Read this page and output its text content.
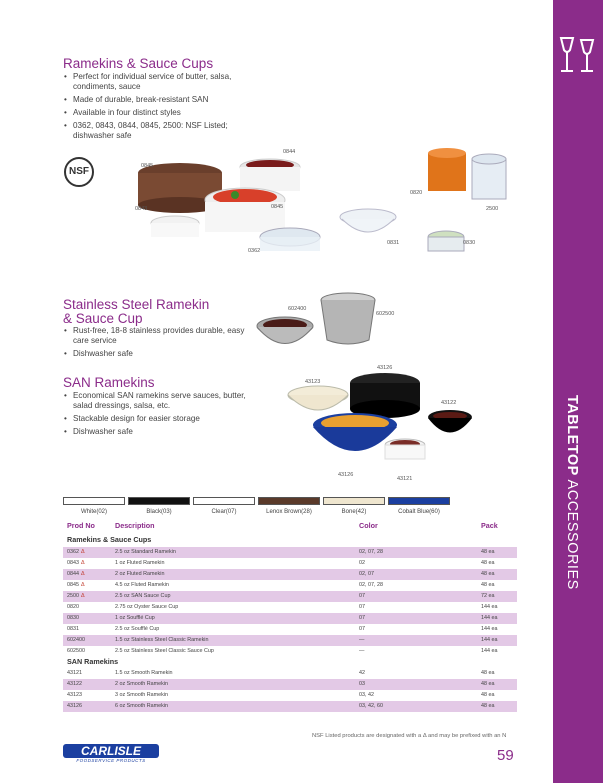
TABLETOP ACCESSORIES
Ramekins & Sauce Cups
• Perfect for individual service of butter, salsa, condiments, sauce
• Made of durable, break-resistant SAN
• Available in four distinct styles
• 0362, 0843, 0844, 0845, 2500: NSF Listed; dishwasher safe
NSF
0844
0845
0843	0845
0362
0820
2500
0831	0830
Stainless Steel Ramekin
& Sauce Cup
• Rust-free, 18-8 stainless provides durable, easy care service
• Dishwasher safe
602400
602500
SAN Ramekins
• Economical SAN ramekins serve sauces, butter, salad dressings, salsa, etc.
• Stackable design for easier storage
• Dishwasher safe
43123
43126
43122
43126
43121
White(02)	Black(03)	Clear(07)	Lenox Brown(28)	Bone(42)	Cobalt Blue(60)
Prod No	Description	Color	Pack
Ramekins & Sauce Cups
0362 Δ	2.5 oz Standard Ramekin	02, 07, 28	48 ea
0843 Δ	1 oz Fluted Ramekin	02	48 ea
0844 Δ	2 oz Fluted Ramekin	02, 07	48 ea
0845 Δ	4.5 oz Fluted Ramekin	02, 07, 28	48 ea
2500 Δ	2.5 oz SAN Sauce Cup	07	72 ea
0820	2.75 oz Oyster Sauce Cup	07	144 ea
0830	1 oz Soufflé Cup	07	144 ea
0831	2.5 oz Soufflé Cup	07	144 ea
602400	1.5 oz Stainless Steel Classic Ramekin	—	144 ea
602500	2.5 oz Stainless Steel Classic Sauce Cup	—	144 ea
SAN Ramekins
43121	1.5 oz Smooth Ramekin	42	48 ea
43122	2 oz Smooth Ramekin	03	48 ea
43123	3 oz Smooth Ramekin	03, 42	48 ea
43126	6 oz Smooth Ramekin	03, 42, 60	48 ea
NSF Listed products are designated with a Δ and may be prefixed with an N
59
CARLISLE
FOODSERVICE PRODUCTS
